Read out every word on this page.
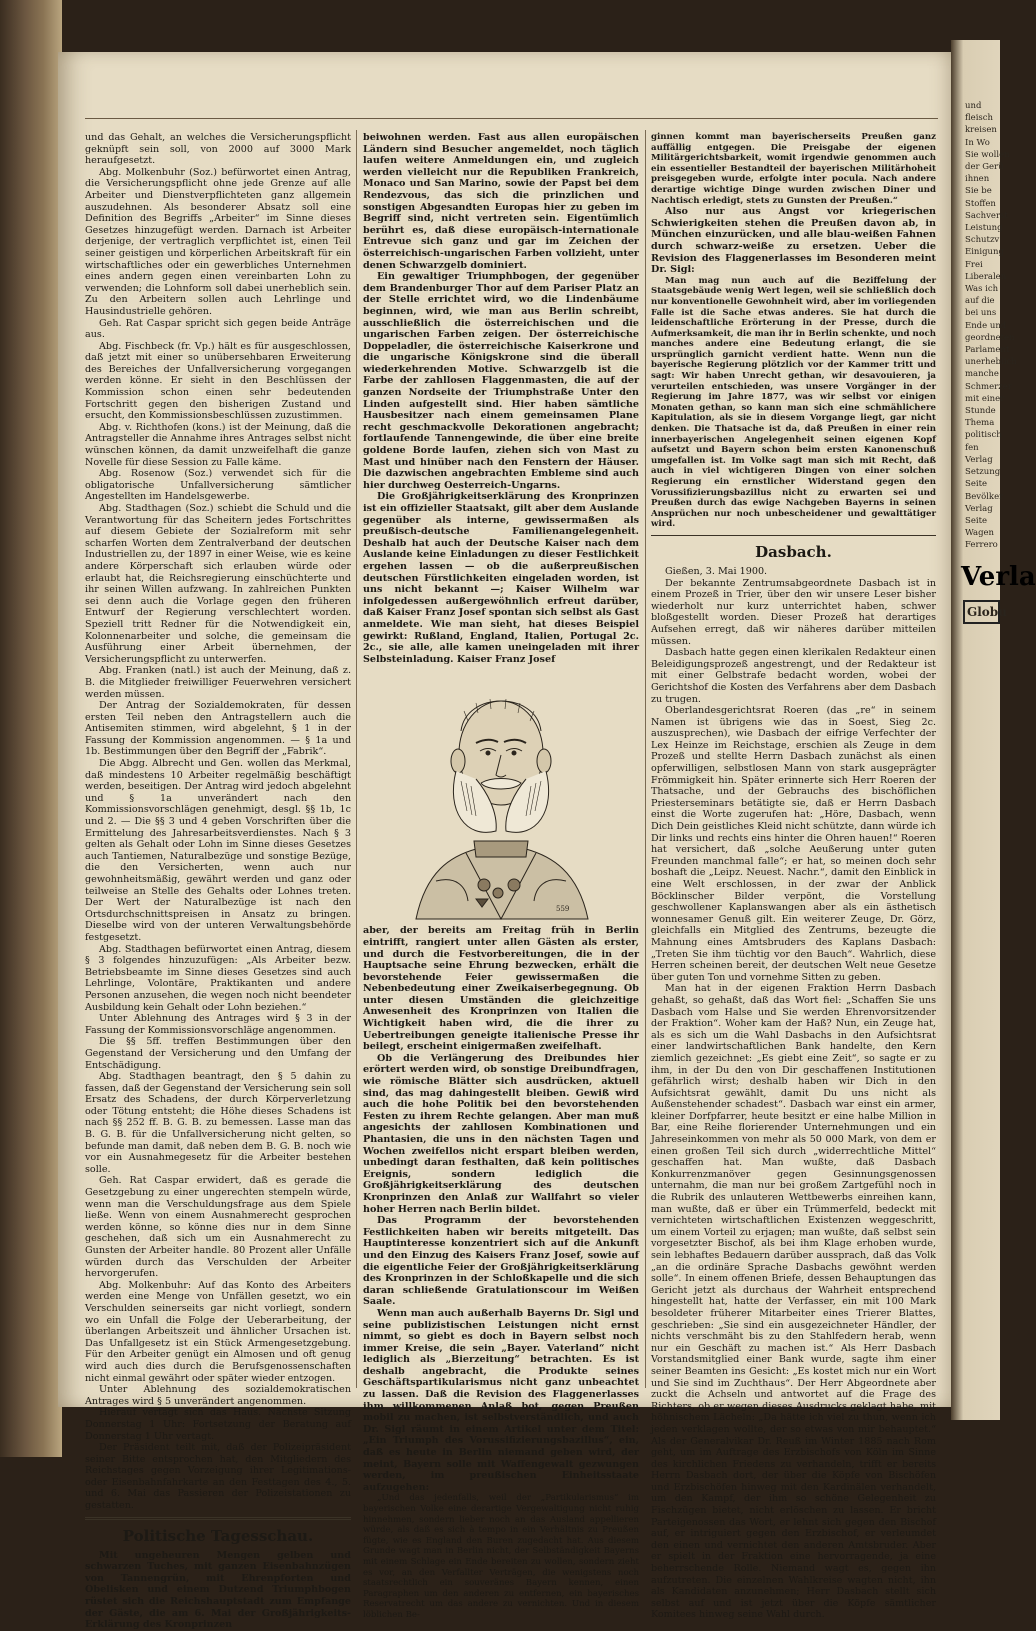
und das Gehalt, an welches die Versicherungspflicht geknüpft sein soll, von 2000 auf 3000 Mark heraufgesetzt.

Abg. Molkenbuhr (Soz.) befürwortet einen Antrag, die Versicherungspflicht ohne jede Grenze auf alle Arbeiter und Dienstverpflichteten ganz allgemein auszudehnen. Als besonderer Absatz soll eine Definition des Begriffs „Arbeiter“ im Sinne dieses Gesetzes hinzugefügt werden. Darnach ist Arbeiter derjenige, der vertraglich verpflichtet ist, einen Teil seiner geistigen und körperlichen Arbeitskraft für ein wirtschaftliches oder ein gewerbliches Unternehmen eines andern gegen einen vereinbarten Lohn zu verwenden; die Lohnform soll dabei unerheblich sein. Zu den Arbeitern sollen auch Lehrlinge und Hausindustrielle gehören.

Geh. Rat Caspar spricht sich gegen beide Anträge aus.

Abg. Fischbeck (fr. Vp.) hält es für ausgeschlossen, daß jetzt mit einer so unübersehbaren Erweiterung des Bereiches der Unfallversicherung vorgegangen werden könne. Er sieht in den Beschlüssen der Kommission schon einen sehr bedeutenden Fortschritt gegen den bisherigen Zustand und ersucht, den Kommissionsbeschlüssen zuzustimmen.

Abg. v. Richthofen (kons.) ist der Meinung, daß die Antragsteller die Annahme ihres Antrages selbst nicht wünschen können, da damit unzweifelhaft die ganze Novelle für diese Session zu Falle käme.

Abg. Rosenow (Soz.) verwendet sich für die obligatorische Unfallversicherung sämtlicher Angestellten im Handelsgewerbe.

Abg. Stadthagen (Soz.) schiebt die Schuld und die Verantwortung für das Scheitern jedes Fortschrittes auf diesem Gebiete der Sozialreform mit sehr scharfen Worten dem Zentralverband der deutschen Industriellen zu, der 1897 in einer Weise, wie es keine andere Körperschaft sich erlauben würde oder erlaubt hat, die Reichsregierung einschüchterte und ihr seinen Willen aufzwang. In zahlreichen Punkten sei denn auch die Vorlage gegen den früheren Entwurf der Regierung verschlechtert worden. Speziell tritt Redner für die Notwendigkeit ein, Kolonnenarbeiter und solche, die gemeinsam die Ausführung einer Arbeit übernehmen, der Versicherungspflicht zu unterwerfen.

Abg. Franken (natl.) ist auch der Meinung, daß z. B. die Mitglieder freiwilliger Feuerwehren versichert werden müssen.

Der Antrag der Sozialdemokraten, für dessen ersten Teil neben den Antragstellern auch die Antisemiten stimmen, wird abgelehnt, § 1 in der Fassung der Kommission angenommen. — § 1a und 1b. Bestimmungen über den Begriff der „Fabrik“.

Die Abgg. Albrecht und Gen. wollen das Merkmal, daß mindestens 10 Arbeiter regelmäßig beschäftigt werden, beseitigen. Der Antrag wird jedoch abgelehnt und § 1a unverändert nach den Kommissionsvorschlägen genehmigt, desgl. §§ 1b, 1c und 2. — Die §§ 3 und 4 geben Vorschriften über die Ermittelung des Jahresarbeitsverdienstes. Nach § 3 gelten als Gehalt oder Lohn im Sinne dieses Gesetzes auch Tantiemen, Naturalbezüge und sonstige Bezüge, die den Versicherten, wenn auch nur gewohnheitsmäßig, gewährt werden und ganz oder teilweise an Stelle des Gehalts oder Lohnes treten. Der Wert der Naturalbezüge ist nach den Ortsdurchschnittspreisen in Ansatz zu bringen. Dieselbe wird von der unteren Verwaltungsbehörde festgesetzt.

Abg. Stadthagen befürwortet einen Antrag, diesem § 3 folgendes hinzuzufügen: „Als Arbeiter bezw. Betriebsbeamte im Sinne dieses Gesetzes sind auch Lehrlinge, Volontäre, Praktikanten und andere Personen anzusehen, die wegen noch nicht beendeter Ausbildung kein Gehalt oder Lohn beziehen.“

Unter Ablehnung des Antrages wird § 3 in der Fassung der Kommissionsvorschläge angenommen.

Die §§ 5ff. treffen Bestimmungen über den Gegenstand der Versicherung und den Umfang der Entschädigung.

Abg. Stadthagen beantragt, den § 5 dahin zu fassen, daß der Gegenstand der Versicherung sein soll Ersatz des Schadens, der durch Körperverletzung oder Tötung entsteht; die Höhe dieses Schadens ist nach §§ 252 ff. B. G. B. zu bemessen. Lasse man das B. G. B. für die Unfallversicherung nicht gelten, so befunde man damit, daß neben dem B. G. B. noch wie vor ein Ausnahmegesetz für die Arbeiter bestehen solle.

Geh. Rat Caspar erwidert, daß es gerade die Gesetzgebung zu einer ungerechten stempeln würde, wenn man die Verschuldungsfrage aus dem Spiele ließe. Wenn von einem Ausnahmerecht gesprochen werden könne, so könne dies nur in dem Sinne geschehen, daß sich um ein Ausnahmerecht zu Gunsten der Arbeiter handle. 80 Prozent aller Unfälle würden durch das Verschulden der Arbeiter hervorgerufen.

Abg. Molkenbuhr: Auf das Konto des Arbeiters werden eine Menge von Unfällen gesetzt, wo ein Verschulden seinerseits gar nicht vorliegt, sondern wo ein Unfall die Folge der Ueberarbeitung, der überlangen Arbeitszeit und ähnlicher Ursachen ist. Das Unfallgesetz ist ein Stück Armengesetzgebung. Für den Arbeiter genügt ein Almosen und oft genug wird auch dies durch die Berufsgenossenschaften nicht einmal gewährt oder später wieder entzogen.

Unter Ablehnung des sozialdemokratischen Antrages wird § 5 unverändert angenommen.

Hierauf vertagt sich das Haus. Nächste Sitzung Donnerstag 1 Uhr: Fortsetzung der Beratung auf Donnerstag 1 Uhr vertagt.

Der Präsident teilt mit, daß der Polizeipräsident seiner Bitte entsprochen hat, den Mitgliedern des Reichstages gegen Vorzeigung ihrer Legitimations- oder Eisenbahnfahrkarte an den Festtagen des 4., 5. und 6. Mai das Passieren der Polizeistationen zu gestatten.

Politische Tagesschau.

Mit ungeheuren Mengen gelben und schwarzen Tuches, mit ganzen Eisenbahnzügen von Tannengrün, mit Ehrenpforten und Obelisken und einem Dutzend Triumphbogen rüstet sich die Reichshauptstadt zum Empfange der Gäste, die am 6. Mai der Großjährigkeits-Erklärung des Kronprinzen

beiwohnen werden. Fast aus allen europäischen Ländern sind Besucher angemeldet, noch täglich laufen weitere Anmeldungen ein, und zugleich werden vielleicht nur die Republiken Frankreich, Monaco und San Marino, sowie der Papst bei dem Rendezvous, das sich die prinzlichen und sonstigen Abgesandten Europas hier zu geben im Begriff sind, nicht vertreten sein. Eigentümlich berührt es, daß diese europäisch-internationale Entrevue sich ganz und gar im Zeichen der österreichisch-ungarischen Farben vollzieht, unter denen Schwarzgelb dominiert.

Ein gewaltiger Triumphbogen, der gegenüber dem Brandenburger Thor auf dem Pariser Platz an der Stelle errichtet wird, wo die Lindenbäume beginnen, wird, wie man aus Berlin schreibt, ausschließlich die österreichischen und die ungarischen Farben zeigen. Der österreichische Doppeladler, die österreichische Kaiserkrone und die ungarische Königskrone sind die überall wiederkehrenden Motive. Schwarzgelb ist die Farbe der zahllosen Flaggenmasten, die auf der ganzen Nordseite der Triumphstraße Unter den Linden aufgestellt sind. Hier haben sämtliche Hausbesitzer nach einem gemeinsamen Plane recht geschmackvolle Dekorationen angebracht; fortlaufende Tannengewinde, die über eine breite goldene Borde laufen, ziehen sich von Mast zu Mast und hinüber nach den Fenstern der Häuser. Die dazwischen angebrachten Embleme sind auch hier durchweg Oesterreich-Ungarns.

Die Großjährigkeitserklärung des Kronprinzen ist ein offizieller Staatsakt, gilt aber dem Auslande gegenüber als interne, gewissermaßen als preußisch-deutsche Familienangelegenheit. Deshalb hat auch der Deutsche Kaiser nach dem Auslande keine Einladungen zu dieser Festlichkeit ergehen lassen — ob die außerpreußischen deutschen Fürstlichkeiten eingeladen worden, ist uns nicht bekannt —; Kaiser Wilhelm war infolgedessen außergewöhnlich erfreut darüber, daß Kaiser Franz Josef spontan sich selbst als Gast anmeldete. Wie man sieht, hat dieses Beispiel gewirkt: Rußland, England, Italien, Portugal 2c. 2c., sie alle, alle kamen uneingeladen mit ihrer Selbsteinladung. Kaiser Franz Josef

559

aber, der bereits am Freitag früh in Berlin eintrifft, rangiert unter allen Gästen als erster, und durch die Festvorbereitungen, die in der Hauptsache seine Ehrung bezwecken, erhält die bevorstehende Feier gewissermaßen die Nebenbedeutung einer Zweikaiserbegegnung. Ob unter diesen Umständen die gleichzeitige Anwesenheit des Kronprinzen von Italien die Wichtigkeit haben wird, die die ihrer zu Uebertreibungen geneigte italienische Presse ihr beilegt, erscheint einigermaßen zweifelhaft.

Ob die Verlängerung des Dreibundes hier erörtert werden wird, ob sonstige Dreibundfragen, wie römische Blätter sich ausdrücken, aktuell sind, das mag dahingestellt bleiben. Gewiß wird auch die hohe Politik bei den bevorstehenden Festen zu ihrem Rechte gelangen. Aber man muß angesichts der zahllosen Kombinationen und Phantasien, die uns in den nächsten Tagen und Wochen zweifellos nicht erspart bleiben werden, unbedingt daran festhalten, daß kein politisches Ereignis, sondern lediglich die Großjährigkeitserklärung des deutschen Kronprinzen den Anlaß zur Wallfahrt so vieler hoher Herren nach Berlin bildet.

Das Programm der bevorstehenden Festlichkeiten haben wir bereits mitgeteilt. Das Hauptinteresse konzentriert sich auf die Ankunft und den Einzug des Kaisers Franz Josef, sowie auf die eigentliche Feier der Großjährigkeitserklärung des Kronprinzen in der Schloßkapelle und die sich daran schließende Gratulationscour im Weißen Saale.

Wenn man auch außerhalb Bayerns Dr. Sigl und seine publizistischen Leistungen nicht ernst nimmt, so giebt es doch in Bayern selbst noch immer Kreise, die sein „Bayer. Vaterland“ nicht lediglich als „Bierzeitung“ betrachten. Es ist deshalb angebracht, die Produkte seines Geschäftspartikularismus nicht ganz unbeachtet zu lassen. Daß die Revision des Flaggenerlasses ihm willkommenen Anlaß bot, gegen Preußen mobil zu machen, ist selbstverständlich, und auch Dr. Sigl räumt in einem Artikel unter dem Titel: „Ein Triumph des Vorussifizierungsbazillus“, ein, daß es heute in Berlin niemand geben wird, der meint, Bayern solle mit Waffengewalt gezwungen werden, im preußischen Einheitsstaate aufzugehen:

„Und das jedenfalls, weil der „Partikularismus“ im bayerischen Volke eine derartige Vergewaltigung nicht ruhig hinnehmen, sondern lieber noch an das Ausland appellieren würde, als daß es sich à tempo in ein Verhältnis zu Preußen fügte, wie es England den Buren zugedacht hat. Aus diesem Grunde wagt man in Berlin nicht, der Selbständigkeit Bayerns mit einem Schlage ein Ende bereiten zu wollen, sondern zieht es vor, an den Verfallter Verträgen, die wenigstens noch staatsrechtlich ein souveränes Bayern kennen, einen Paragraphen um den anderen zu entfernen, ein bayerisches Reservatrecht um das andere zu vernichten. Und in diesem löblichen Be-

ginnen kommt man bayerischerseits Preußen ganz auffällig entgegen. Die Preisgabe der eigenen Militärgerichtsbarkeit, womit irgendwie genommen auch ein essentieller Bestandteil der bayerischen Militärhoheit preisgegeben wurde, erfolgte inter pocula. Nach andere derartige wichtige Dinge wurden zwischen Diner und Nachtisch erledigt, stets zu Gunsten der Preußen.“

Also nur aus Angst vor kriegerischen Schwierigkeiten stehen die Preußen davon ab, in München einzurücken, und alle blau-weißen Fahnen durch schwarz-weiße zu ersetzen. Ueber die Revision des Flaggenerlasses im Besonderen meint Dr. Sigl:

Man mag nun auch auf die Beziffelung der Staatsgebäude wenig Wert legen, weil sie schließlich doch nur konventionelle Gewohnheit wird, aber im vorliegenden Falle ist die Sache etwas anderes. Sie hat durch die leidenschaftliche Erörterung in der Presse, durch die Aufmerksamkeit, die man ihr in Berlin schenkte, und noch manches andere eine Bedeutung erlangt, die sie ursprünglich garnicht verdient hatte. Wenn nun die bayerische Regierung plötzlich vor der Kammer tritt und sagt: Wir haben Unrecht gethan, wir desavouieren, ja verurteilen entschieden, was unsere Vorgänger in der Regierung im Jahre 1877, was wir selbst vor einigen Monaten gethan, so kann man sich eine schmählichere Kapitulation, als sie in diesem Vorgange liegt, gar nicht denken. Die Thatsache ist da, daß Preußen in einer rein innerbayerischen Angelegenheit seinen eigenen Kopf aufsetzt und Bayern schon beim ersten Kanonenschuß umgefallen ist. Im Volke sagt man sich mit Recht, daß auch in viel wichtigeren Dingen von einer solchen Regierung ein ernstlicher Widerstand gegen den Vorussifizierungsbazillus nicht zu erwarten sei und Preußen durch das ewige Nachgeben Bayerns in seinen Ansprüchen nur noch unbescheidener und gewalttätiger wird.

Dasbach.

Gießen, 3. Mai 1900.

Der bekannte Zentrumsabgeordnete Dasbach ist in einem Prozeß in Trier, über den wir unsere Leser bisher wiederholt nur kurz unterrichtet haben, schwer bloßgestellt worden. Dieser Prozeß hat derartiges Aufsehen erregt, daß wir näheres darüber mitteilen müssen.

Dasbach hatte gegen einen klerikalen Redakteur einen Beleidigungsprozeß angestrengt, und der Redakteur ist mit einer Gelbstrafe bedacht worden, wobei der Gerichtshof die Kosten des Verfahrens aber dem Dasbach zu trugen.

Oberlandesgerichtsrat Roeren (das „re“ in seinem Namen ist übrigens wie das in Soest, Sieg 2c. auszusprechen), wie Dasbach der eifrige Verfechter der Lex Heinze im Reichstage, erschien als Zeuge in dem Prozeß und stellte Herrn Dasbach zunächst als einen opferwilligen, selbstlosen Mann von stark ausgeprägter Frömmigkeit hin. Später erinnerte sich Herr Roeren der Thatsache, und der Gebrauchs des bischöflichen Priesterseminars betätigte sie, daß er Herrn Dasbach einst die Worte zugerufen hat: „Höre, Dasbach, wenn Dich Dein geistliches Kleid nicht schützte, dann würde ich Dir links und rechts eins hinter die Ohren hauen!“ Roeren hat versichert, daß „solche Aeußerung unter guten Freunden manchmal falle“; er hat, so meinen doch sehr boshaft die „Leipz. Neuest. Nachr.“, damit den Einblick in eine Welt erschlossen, in der zwar der Anblick Böcklinscher Bilder verpönt, die Vorstellung geschwollener Kaplanswangen aber als ein ästhetisch wonnesamer Genuß gilt. Ein weiterer Zeuge, Dr. Görz, gleichfalls ein Mitglied des Zentrums, bezeugte die Mahnung eines Amtsbruders des Kaplans Dasbach: „Treten Sie ihm tüchtig vor den Bauch“. Wahrlich, diese Herren scheinen bereit, der deutschen Welt neue Gesetze über guten Ton und vornehme Sitten zu geben.

Man hat in der eigenen Fraktion Herrn Dasbach gehaßt, so gehaßt, daß das Wort fiel: „Schaffen Sie uns Dasbach vom Halse und Sie werden Ehrenvorsitzender der Fraktion“. Woher kam der Haß? Nun, ein Zeuge hat, als es sich um die Wahl Dasbachs in den Aufsichtsrat einer landwirtschaftlichen Bank handelte, den Kern ziemlich gezeichnet: „Es giebt eine Zeit“, so sagte er zu ihm, in der Du den von Dir geschaffenen Institutionen gefährlich wirst; deshalb haben wir Dich in den Aufsichtsrat gewählt, damit Du uns nicht als Außenstehender schadest“. Dasbach war einst ein armer, kleiner Dorfpfarrer, heute besitzt er eine halbe Million in Bar, eine Reihe florierender Unternehmungen und ein Jahreseinkommen von mehr als 50 000 Mark, von dem er einen großen Teil sich durch „widerrechtliche Mittel“ geschaffen hat. Man wußte, daß Dasbach Konkurrenzmanöver gegen Gesinnungsgenossen unternahm, die man nur bei großem Zartgefühl noch in die Rubrik des unlauteren Wettbewerbs einreihen kann, man wußte, daß er über ein Trümmerfeld, bedeckt mit vernichteten wirtschaftlichen Existenzen weggeschritt, um einem Vorteil zu erjagen; man wußte, daß selbst sein vorgesetzter Bischof, als bei ihm Klage erhoben wurde, sein lebhaftes Bedauern darüber aussprach, daß das Volk „an die ordinäre Sprache Dasbachs gewöhnt werden solle“. In einem offenen Briefe, dessen Behauptungen das Gericht jetzt als durchaus der Wahrheit entsprechend hingestellt hat, hatte der Verfasser, ein mit 100 Mark besoldeter früherer Mitarbeiter eines Trierer Blattes, geschrieben: „Sie sind ein ausgezeichneter Händler, der nichts verschmäht bis zu den Stahlfedern herab, wenn nur ein Geschäft zu machen ist.“ Als Herr Dasbach Vorstandsmitglied einer Bank wurde, sagte ihm einer seiner Beamten ins Gesicht: „Es kostet mich nur ein Wort und Sie sind im Zuchthaus“. Der Herr Abgeordnete aber zuckt die Achseln und antwortet auf die Frage des Richters, ob er wegen dieses Ausdrucks geklagt habe, mit höhnischem Lächeln: „Da hätte ich viel zu thun, wenn ich jeden verklagen wollte, der so etwas von mir behauptet.“ Als der Generalvikar Dr. Reuß im Winter 1885 nach Rom geht, um im Auftrage des Erzbischofs von Köln im Sinne des kirchlichen Friedens zu verhandeln, trifft er bereits Herrn Dasbach dort, der über die Köpfe von Bischöfen und Erzbischöfen hinweg mit den Kardinälen verhandelt, um den Kampf, der ihm so schöne Gelegenheit zu Fischzügen bietet, nicht erlöschen zu lassen. Er bricht Parteigenossen das Wort, er lehnt sich gegen den Bischof auf, er intriguiert gegen den Erzbischof, er verleumdet den einen und vernichtet den anderen Amtsbruder. Aber er spielt in der Fraktion eine hervorragende, ja eine beherrschende Rolle. Niemand wagt es, gegen ihn aufzutreten. Die einzelnen Wahlkreise wagten nicht, ihn als Kandidaten anzunehmen; Herr Dasbach stellt sich selbst auf und ist jetzt über die Köpfe sämtlicher Komitees hinweg seine Wahl durch.

und
fleisch
kreisen
In Wo
Sie wollen
der Gerü
ihnen
Sie be
Stoffen
Sachverst
Leistung
Schutzv
Einigung
Frei
Liberalen
Was ich
auf die
bei uns
Ende und
geordneten
Parlament
unerheblich
manche
Schmerzer
mit einer
Stunde
Thema
politisch
fen
Verlag
Setzung
Seite
Bevölker
Verlag
Seite
Wagen
Ferrero
Verla
Globu
